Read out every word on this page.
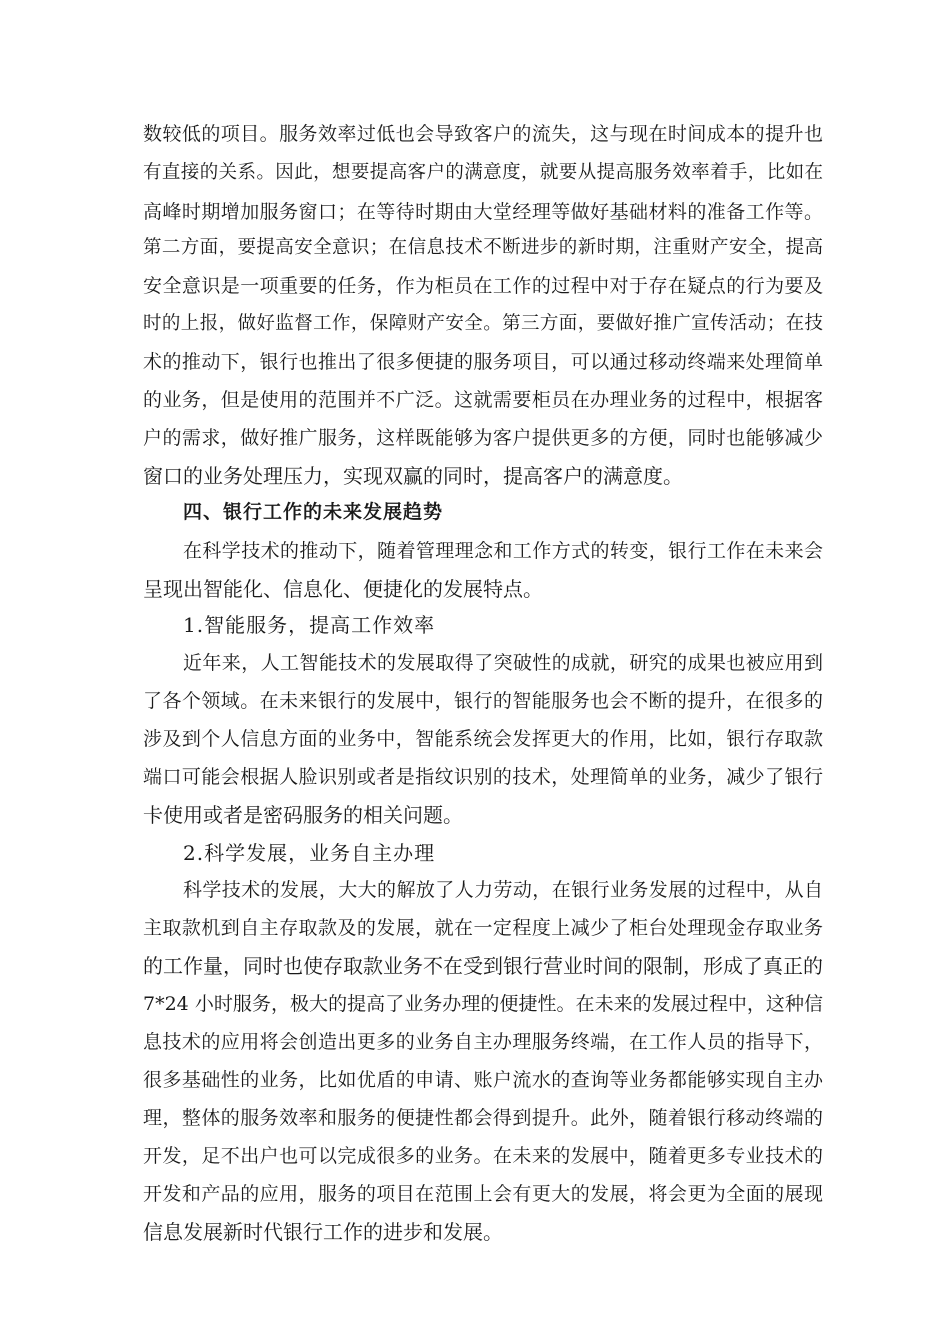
数较低的项目。服务效率过低也会导致客户的流失，这与现在时间成本的提升也
有直接的关系。因此，想要提高客户的满意度，就要从提高服务效率着手，比如在
高峰时期增加服务窗口；在等待时期由大堂经理等做好基础材料的准备工作等。
第二方面，要提高安全意识；在信息技术不断进步的新时期，注重财产安全，提高
安全意识是一项重要的任务，作为柜员在工作的过程中对于存在疑点的行为要及
时的上报，做好监督工作，保障财产安全。第三方面，要做好推广宣传活动；在技
术的推动下，银行也推出了很多便捷的服务项目，可以通过移动终端来处理简单
的业务，但是使用的范围并不广泛。这就需要柜员在办理业务的过程中，根据客
户的需求，做好推广服务，这样既能够为客户提供更多的方便，同时也能够减少
窗口的业务处理压力，实现双赢的同时，提高客户的满意度。
四、银行工作的未来发展趋势
在科学技术的推动下，随着管理理念和工作方式的转变，银行工作在未来会
呈现出智能化、信息化、便捷化的发展特点。
1.智能服务，提高工作效率
近年来，人工智能技术的发展取得了突破性的成就，研究的成果也被应用到
了各个领域。在未来银行的发展中，银行的智能服务也会不断的提升，在很多的
涉及到个人信息方面的业务中，智能系统会发挥更大的作用，比如，银行存取款
端口可能会根据人脸识别或者是指纹识别的技术，处理简单的业务，减少了银行
卡使用或者是密码服务的相关问题。
2.科学发展，业务自主办理
科学技术的发展，大大的解放了人力劳动，在银行业务发展的过程中，从自
主取款机到自主存取款及的发展，就在一定程度上减少了柜台处理现金存取业务
的工作量，同时也使存取款业务不在受到银行营业时间的限制，形成了真正的
7*24 小时服务，极大的提高了业务办理的便捷性。在未来的发展过程中，这种信
息技术的应用将会创造出更多的业务自主办理服务终端，在工作人员的指导下，
很多基础性的业务，比如优盾的申请、账户流水的查询等业务都能够实现自主办
理，整体的服务效率和服务的便捷性都会得到提升。此外，随着银行移动终端的
开发，足不出户也可以完成很多的业务。在未来的发展中，随着更多专业技术的
开发和产品的应用，服务的项目在范围上会有更大的发展，将会更为全面的展现
信息发展新时代银行工作的进步和发展。
